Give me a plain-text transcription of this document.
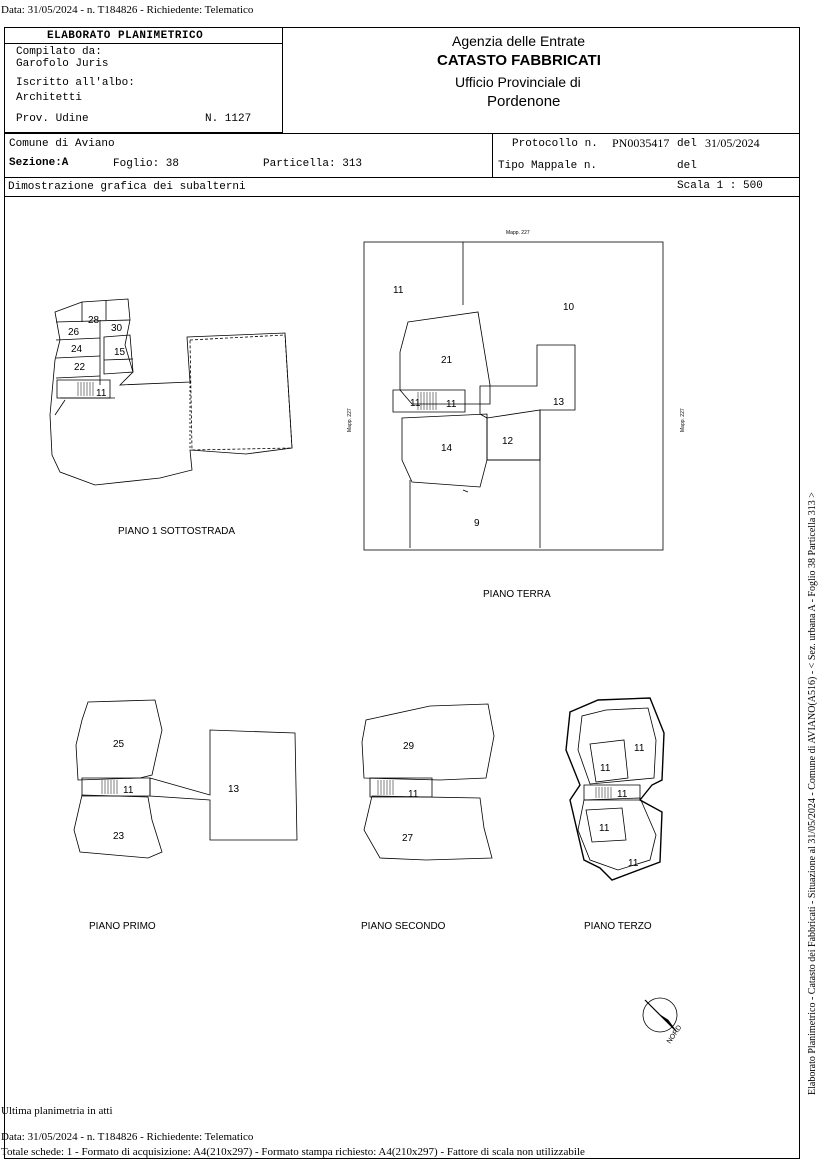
Data: 31/05/2024 - n. T184826 - Richiedente: Telematico
ELABORATO PLANIMETRICO
Compilato da:
Garofolo Juris
Iscritto all'albo:
Architetti
Prov. Udine	N. 1127
Agenzia delle Entrate
CATASTO FABBRICATI
Ufficio Provinciale di
Pordenone
Comune di Aviano
Sezione:A	Foglio: 38	Particella: 313
Protocollo n. PN0035417 del 31/05/2024
Tipo Mappale n.	del
Dimostrazione grafica dei subalterni	Scala 1 : 500
26
28
30
24	15
22
11
11
10
21
11	11	13
14
12
9
25
11	13
23
29
11
27
11
11
11
11
11
Mapp. 227
Mapp. 227	Mapp. 227
PIANO 1 SOTTOSTRADA
PIANO TERRA
PIANO PRIMO	PIANO SECONDO	PIANO TERZO
NORD	Elaborato Planimetrico - Catasto dei Fabbricati - Situazione al 31/05/2024 - Comune di AVIANO(A516) - < Sez. urbana A - Foglio 38 Particella 313 >
Ultima planimetria in atti
Data: 31/05/2024 - n. T184826 - Richiedente: Telematico
Totale schede: 1 - Formato di acquisizione: A4(210x297) - Formato stampa richiesto: A4(210x297) - Fattore di scala non utilizzabile
